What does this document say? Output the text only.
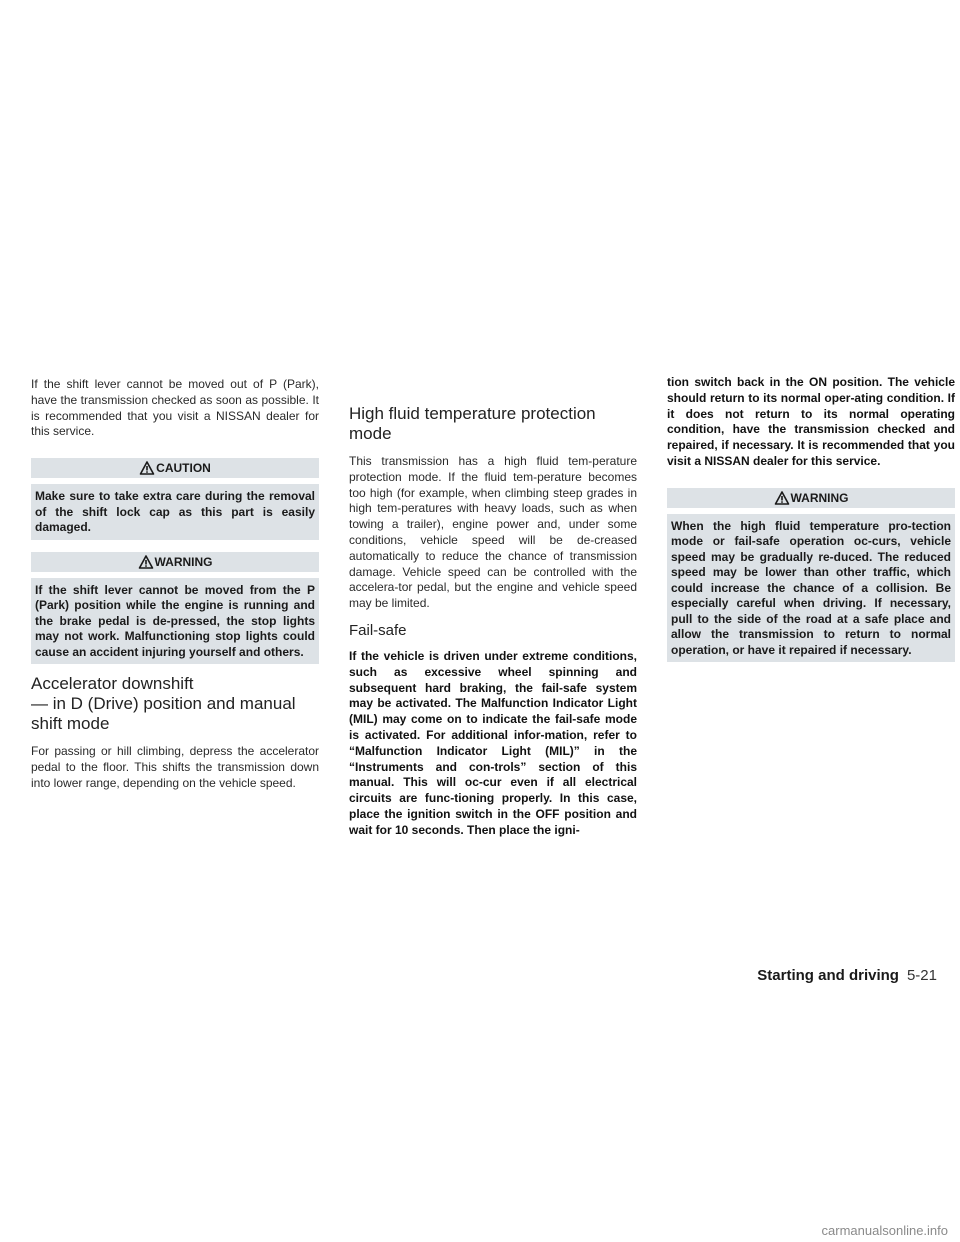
If the shift lever cannot be moved out of P (Park), have the transmission checked as soon as possible. It is recommended that you visit a NISSAN dealer for this service.

CAUTION

Make sure to take extra care during the removal of the shift lock cap as this part is easily damaged.

WARNING

If the shift lever cannot be moved from the P (Park) position while the engine is running and the brake pedal is de-pressed, the stop lights may not work. Malfunctioning stop lights could cause an accident injuring yourself and others.

Accelerator downshift
— in D (Drive) position and manual
shift mode

For passing or hill climbing, depress the accelerator pedal to the floor. This shifts the transmission down into lower range, depending on the vehicle speed.

High fluid temperature protection
mode

This transmission has a high fluid tem-perature protection mode. If the fluid tem-perature becomes too high (for example, when climbing steep grades in high tem-peratures with heavy loads, such as when towing a trailer), engine power and, under some conditions, vehicle speed will be de-creased automatically to reduce the chance of transmission damage. Vehicle speed can be controlled with the accelera-tor pedal, but the engine and vehicle speed may be limited.

Fail-safe

If the vehicle is driven under extreme conditions, such as excessive wheel spinning and subsequent hard braking, the fail-safe system may be activated. The Malfunction Indicator Light (MIL) may come on to indicate the fail-safe mode is activated. For additional infor-mation, refer to “Malfunction Indicator Light (MIL)” in the “Instruments and con-trols” section of this manual. This will oc-cur even if all electrical circuits are func-tioning properly. In this case, place the ignition switch in the OFF position and wait for 10 seconds. Then place the igni-

tion switch back in the ON position. The vehicle should return to its normal oper-ating condition. If it does not return to its normal operating condition, have the transmission checked and repaired, if necessary. It is recommended that you visit a NISSAN dealer for this service.

WARNING

When the high fluid temperature pro-tection mode or fail-safe operation oc-curs, vehicle speed may be gradually re-duced. The reduced speed may be lower than other traffic, which could increase the chance of a collision. Be especially careful when driving. If necessary, pull to the side of the road at a safe place and allow the transmission to return to normal operation, or have it repaired if necessary.

Starting and driving 5-21
carmanualsonline.info
